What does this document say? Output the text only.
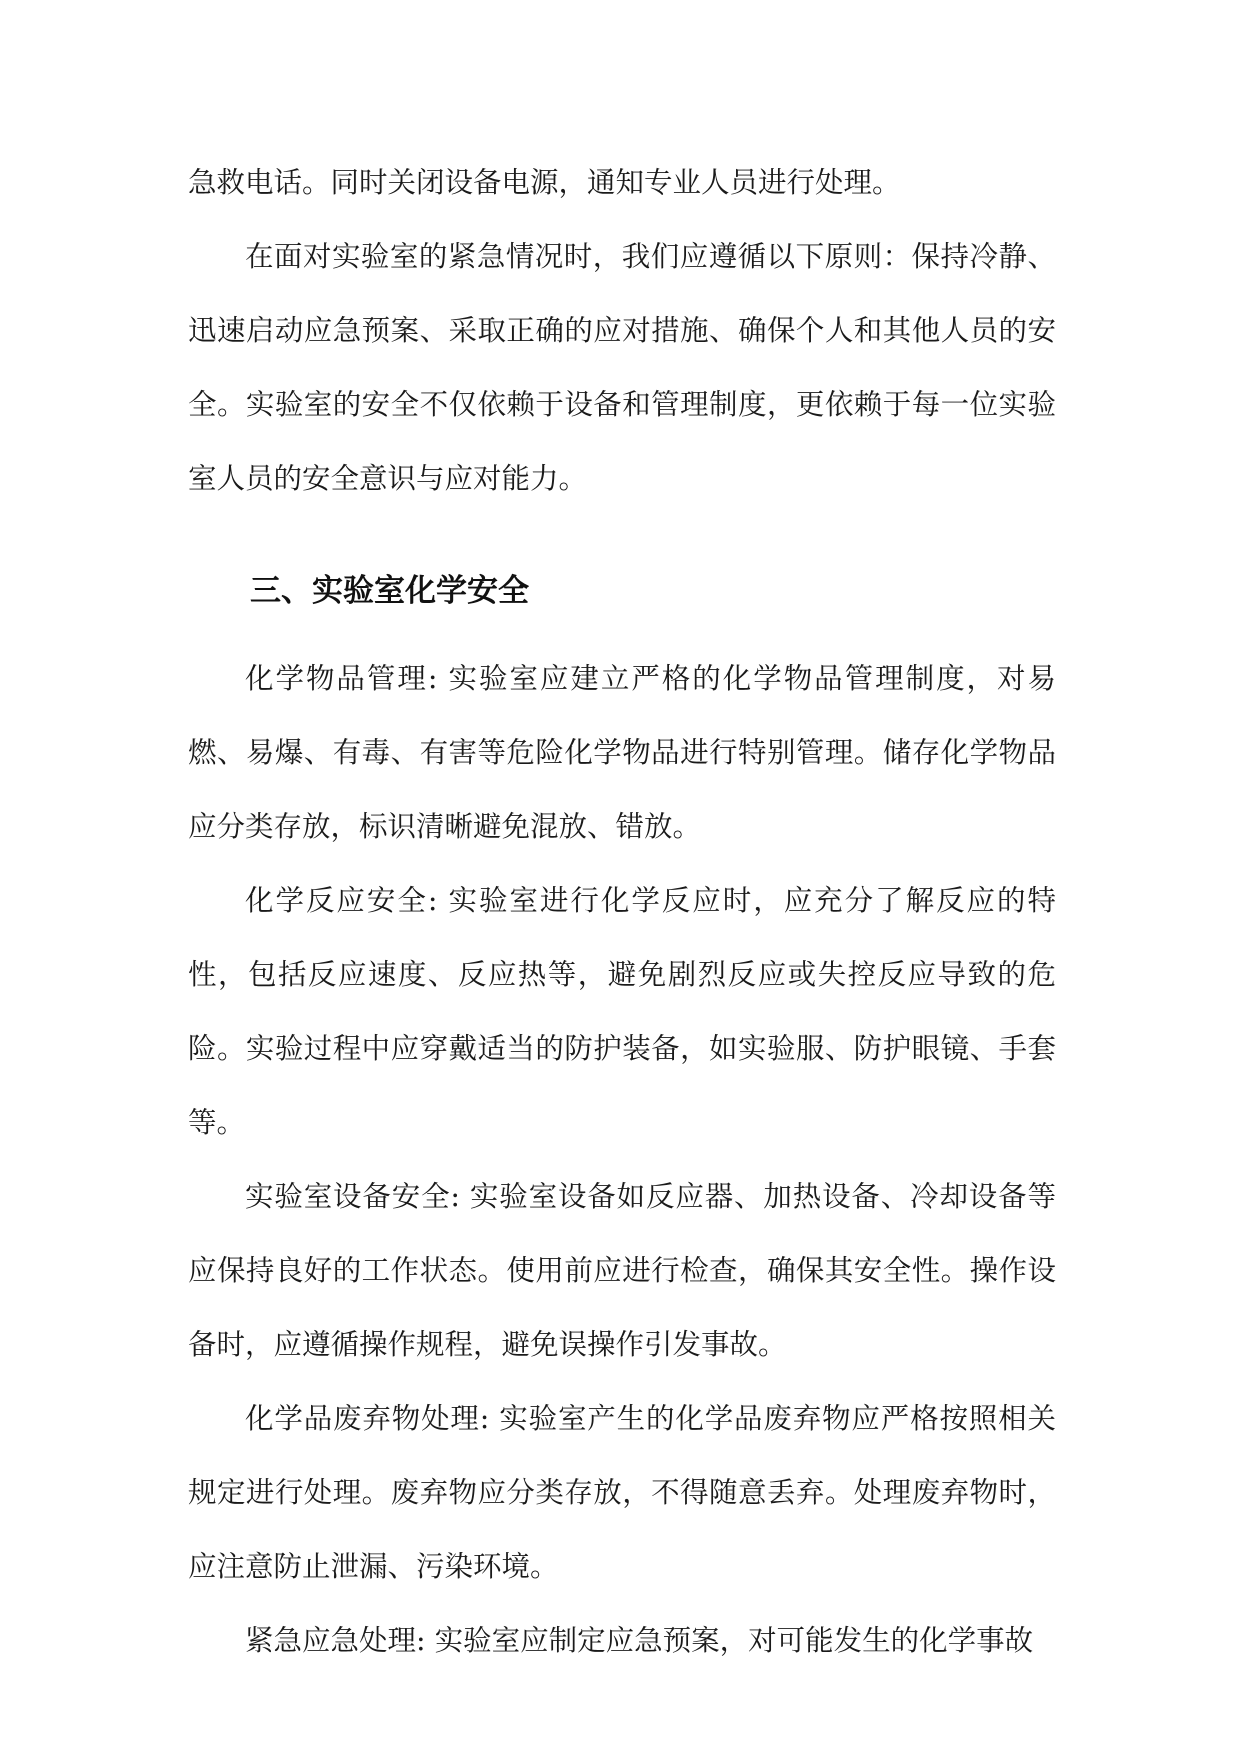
急救电话。同时关闭设备电源，通知专业人员进行处理。

在面对实验室的紧急情况时，我们应遵循以下原则：保持冷静、迅速启动应急预案、采取正确的应对措施、确保个人和其他人员的安全。实验室的安全不仅依赖于设备和管理制度，更依赖于每一位实验室人员的安全意识与应对能力。

三、实验室化学安全

化学物品管理: 实验室应建立严格的化学物品管理制度，对易燃、易爆、有毒、有害等危险化学物品进行特别管理。储存化学物品应分类存放，标识清晰避免混放、错放。

化学反应安全: 实验室进行化学反应时，应充分了解反应的特性，包括反应速度、反应热等，避免剧烈反应或失控反应导致的危险。实验过程中应穿戴适当的防护装备，如实验服、防护眼镜、手套等。

实验室设备安全: 实验室设备如反应器、加热设备、冷却设备等应保持良好的工作状态。使用前应进行检查，确保其安全性。操作设备时，应遵循操作规程，避免误操作引发事故。

化学品废弃物处理: 实验室产生的化学品废弃物应严格按照相关规定进行处理。废弃物应分类存放，不得随意丢弃。处理废弃物时，应注意防止泄漏、污染环境。

紧急应急处理: 实验室应制定应急预案，对可能发生的化学事故
